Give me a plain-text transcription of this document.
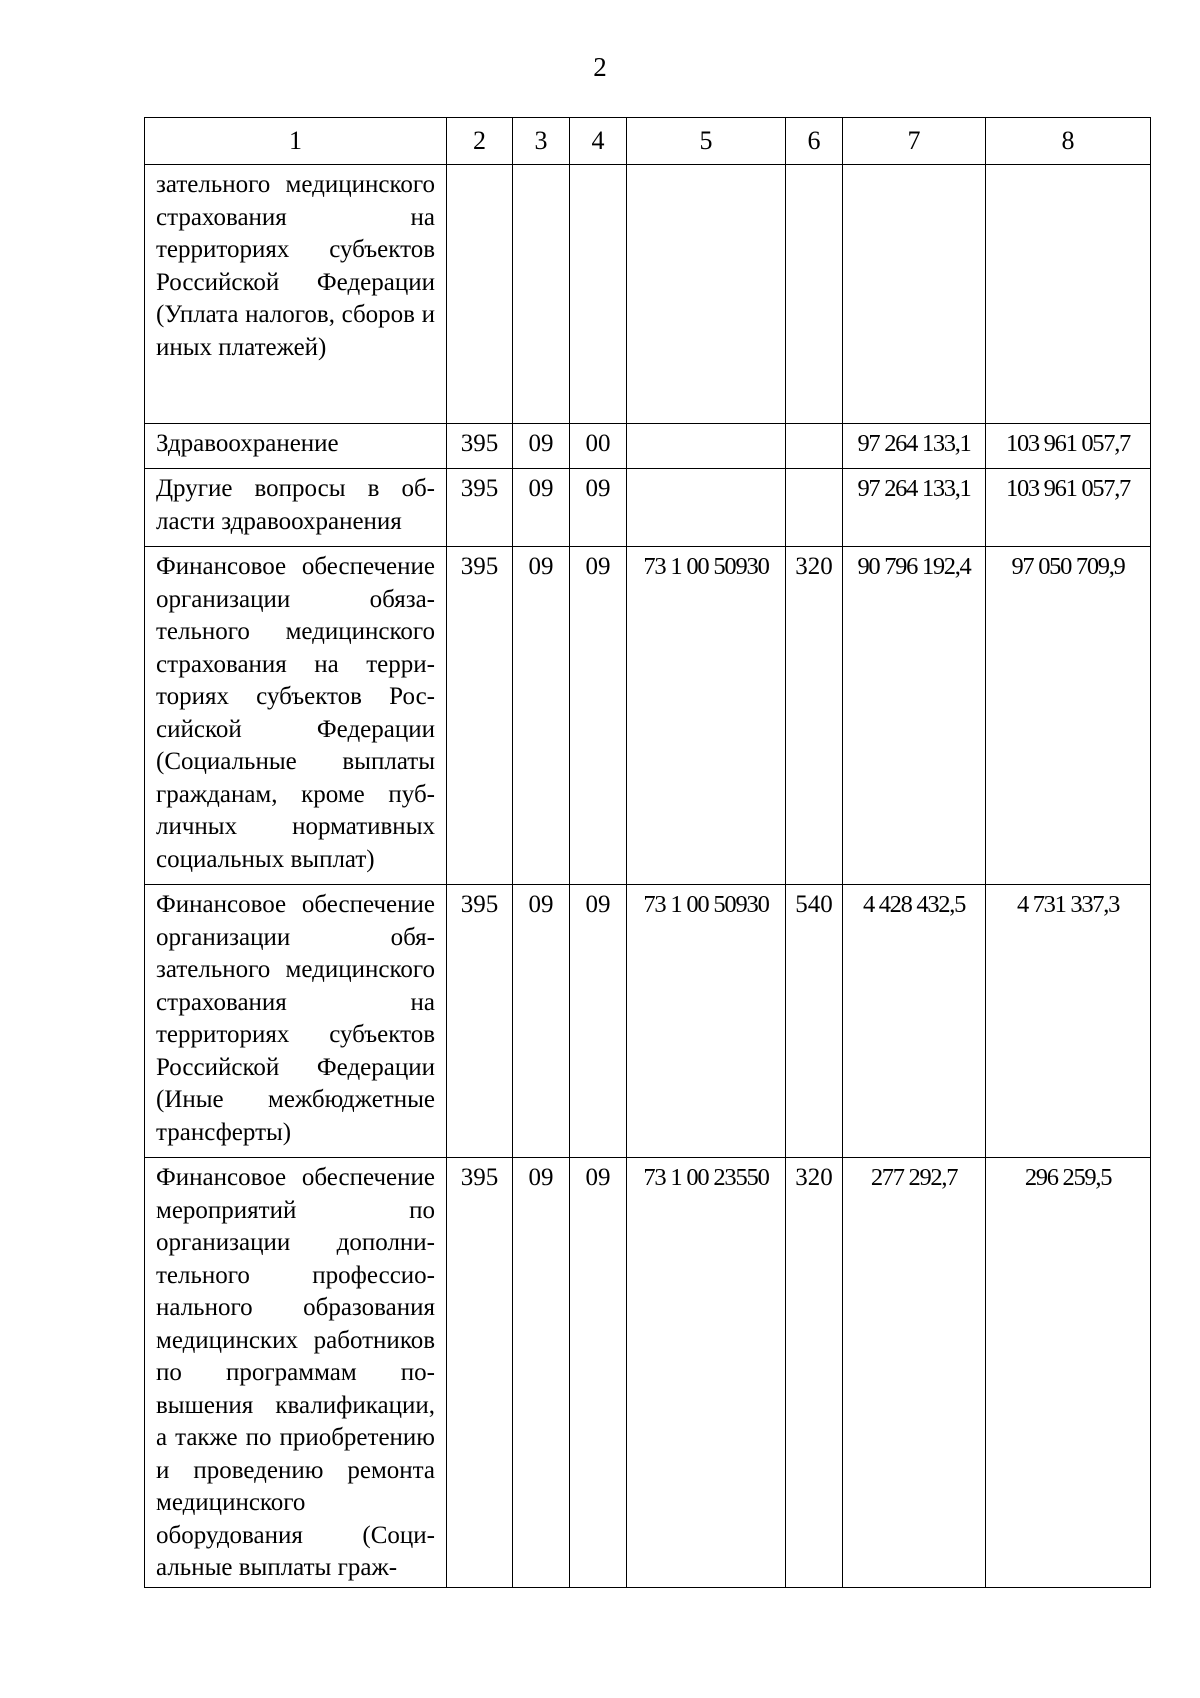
2
1	2	3	4	5	6	7	8
зательного медицинского страхования на территориях субъектов Российской Федерации (Уплата налогов, сборов и иных платежей)							
Здравоохранение	395	09	00			97 264 133,1	103 961 057,7
Другие вопросы в области здравоохранения	395	09	09			97 264 133,1	103 961 057,7
Финансовое обеспечение организации обязательного медицинского страхования на территориях субъектов Российской Федерации (Социальные выплаты гражданам, кроме публичных нормативных социальных выплат)	395	09	09	73 1 00 50930	320	90 796 192,4	97 050 709,9
Финансовое обеспечение организации обязательного медицинского страхования на территориях субъектов Российской Федерации (Иные межбюджетные трансферты)	395	09	09	73 1 00 50930	540	4 428 432,5	4 731 337,3
Финансовое обеспечение мероприятий по организации дополнительного профессионального образования медицинских работников по программам повышения квалификации, а также по приобретению и проведению ремонта медицинского оборудования (Социальные выплаты граж-	395	09	09	73 1 00 23550	320	277 292,7	296 259,5
